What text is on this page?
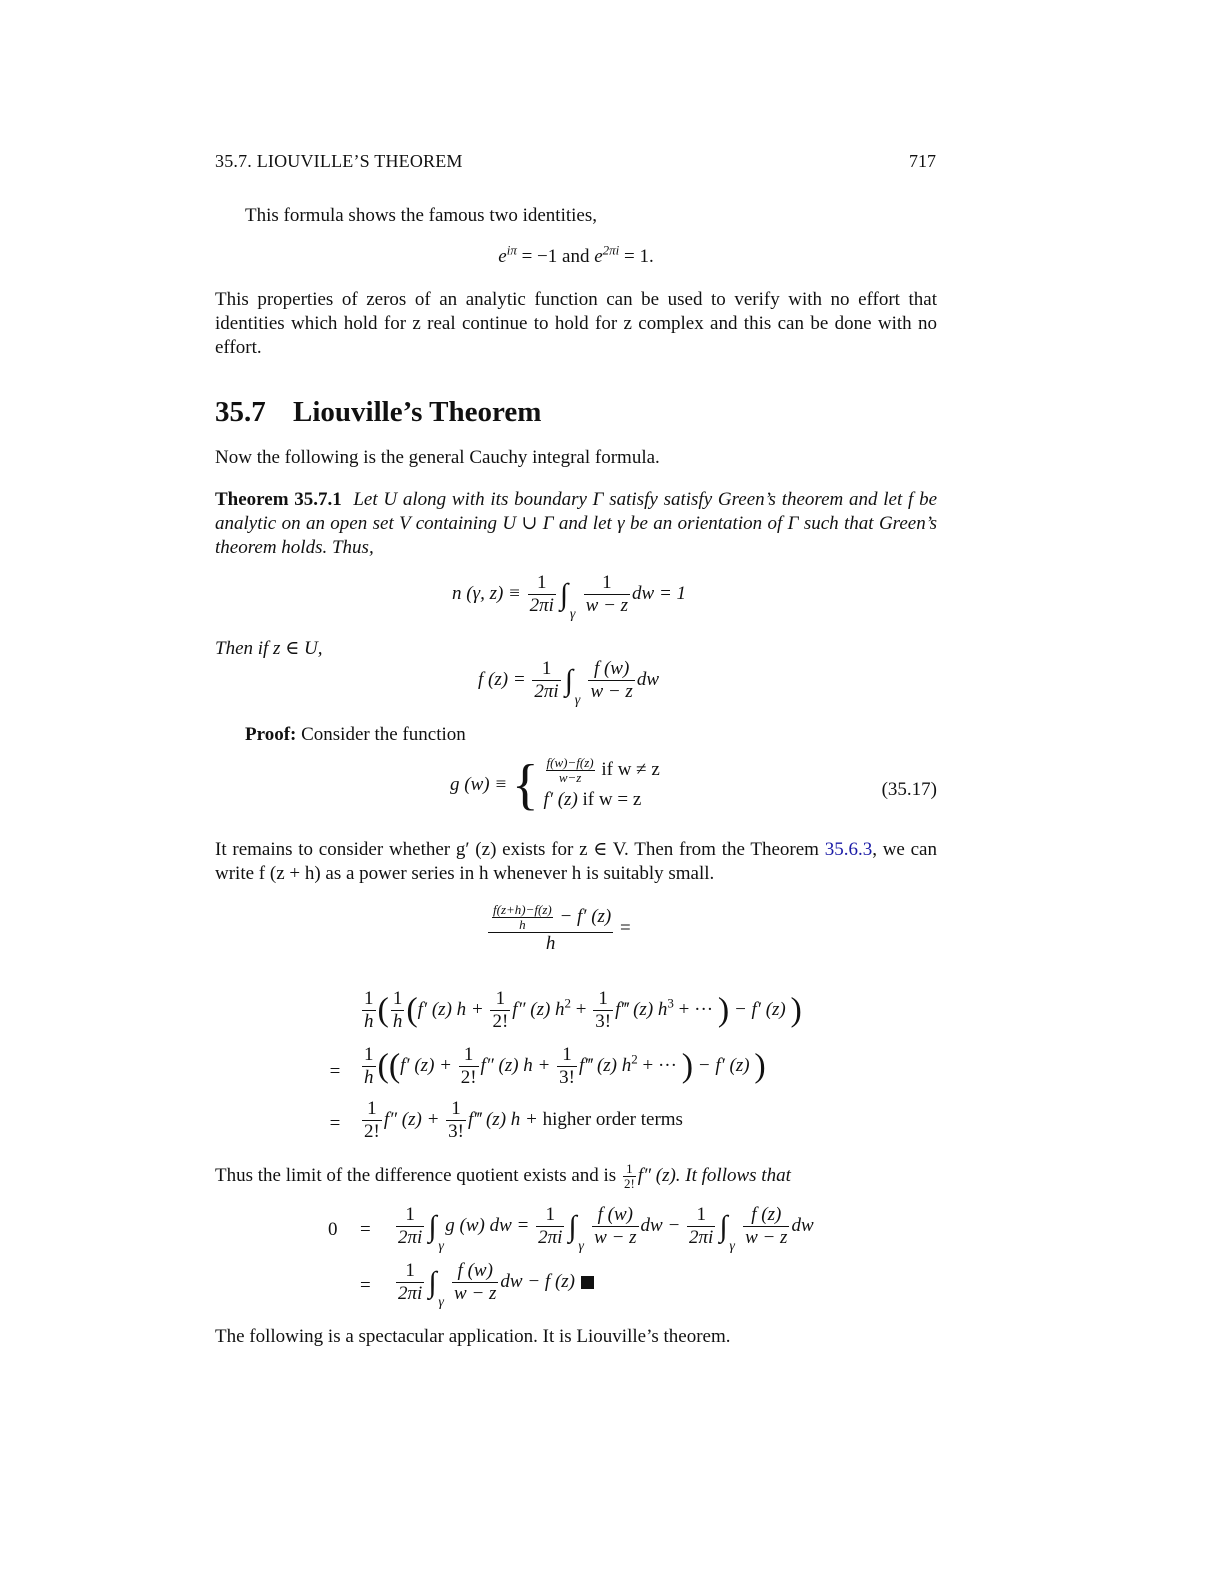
35.7. LIOUVILLE’S THEOREM	717
This formula shows the famous two identities,
$e^{i\pi} = -1$ and $e^{2\pi i} = 1$.
This properties of zeros of an analytic function can be used to verify with no effort that identities which hold for z real continue to hold for z complex and this can be done with no effort.
35.7 Liouville’s Theorem
Now the following is the general Cauchy integral formula.
Theorem 35.7.1 Let U along with its boundary Γ satisfy satisfy Green’s theorem and let f be analytic on an open set V containing U ∪ Γ and let γ be an orientation of Γ such that Green’s theorem holds. Thus,
n (γ, $z) \equiv \frac{1}{2\pi i}$ ∫
γ
$\frac{1}{w - z}$ dw = 1
Then if z ∈ U,
f $(z) = \frac{1}{2\pi i}$ ∫
γ
$\frac{f (w)}{w - z}$ dw
Proof: Consider the function
g (w) ≡ { $\frac{f(w)-f(z)}{w-z}$ if w ≠ z
f′ (z) if w = z	(35.17)
It remains to consider whether g′ (z) exists for z ∈ V. Then from the Theorem 35.6.3, we can write f (z + h) as a power series in h whenever h is suitably small.
$\frac{\frac{f(z+h)-f(z)}{h} - f' (z)}{h}$ =
$\frac{1}{h}$ ( $\frac{1}{h} (f'$ (z) $h + \frac{1}{2!} f''$ (z) $h^2 + \frac{1}{3!}$ f‴ (z) $h^3$ + ··· ) − f′ (z) )
= $\frac{1}{h} ((f'$ $(z) + \frac{1}{2!} f''$ (z) $h + \frac{1}{3!}$ f‴ (z) $h^2$ + ··· ) − f′ (z) )
= $\frac{1}{2!} f''$ $(z) + \frac{1}{3!}$ f‴ (z) h + higher order terms
Thus the limit of the difference quotient exists and is $\frac{1}{2!} f''$ (z). It follows that
$0 = \frac{1}{2\pi i}$ ∫
γ
g (w) dw = $\frac{1}{2\pi i}$ ∫
γ
$\frac{f (w)}{w - z}$ dw − $\frac{1}{2\pi i}$ ∫
γ
$\frac{f (z)}{w - z}$ dw
= $\frac{1}{2\pi i}$ ∫
γ
$\frac{f (w)}{w - z}$ dw − f (z)
The following is a spectacular application. It is Liouville’s theorem.
